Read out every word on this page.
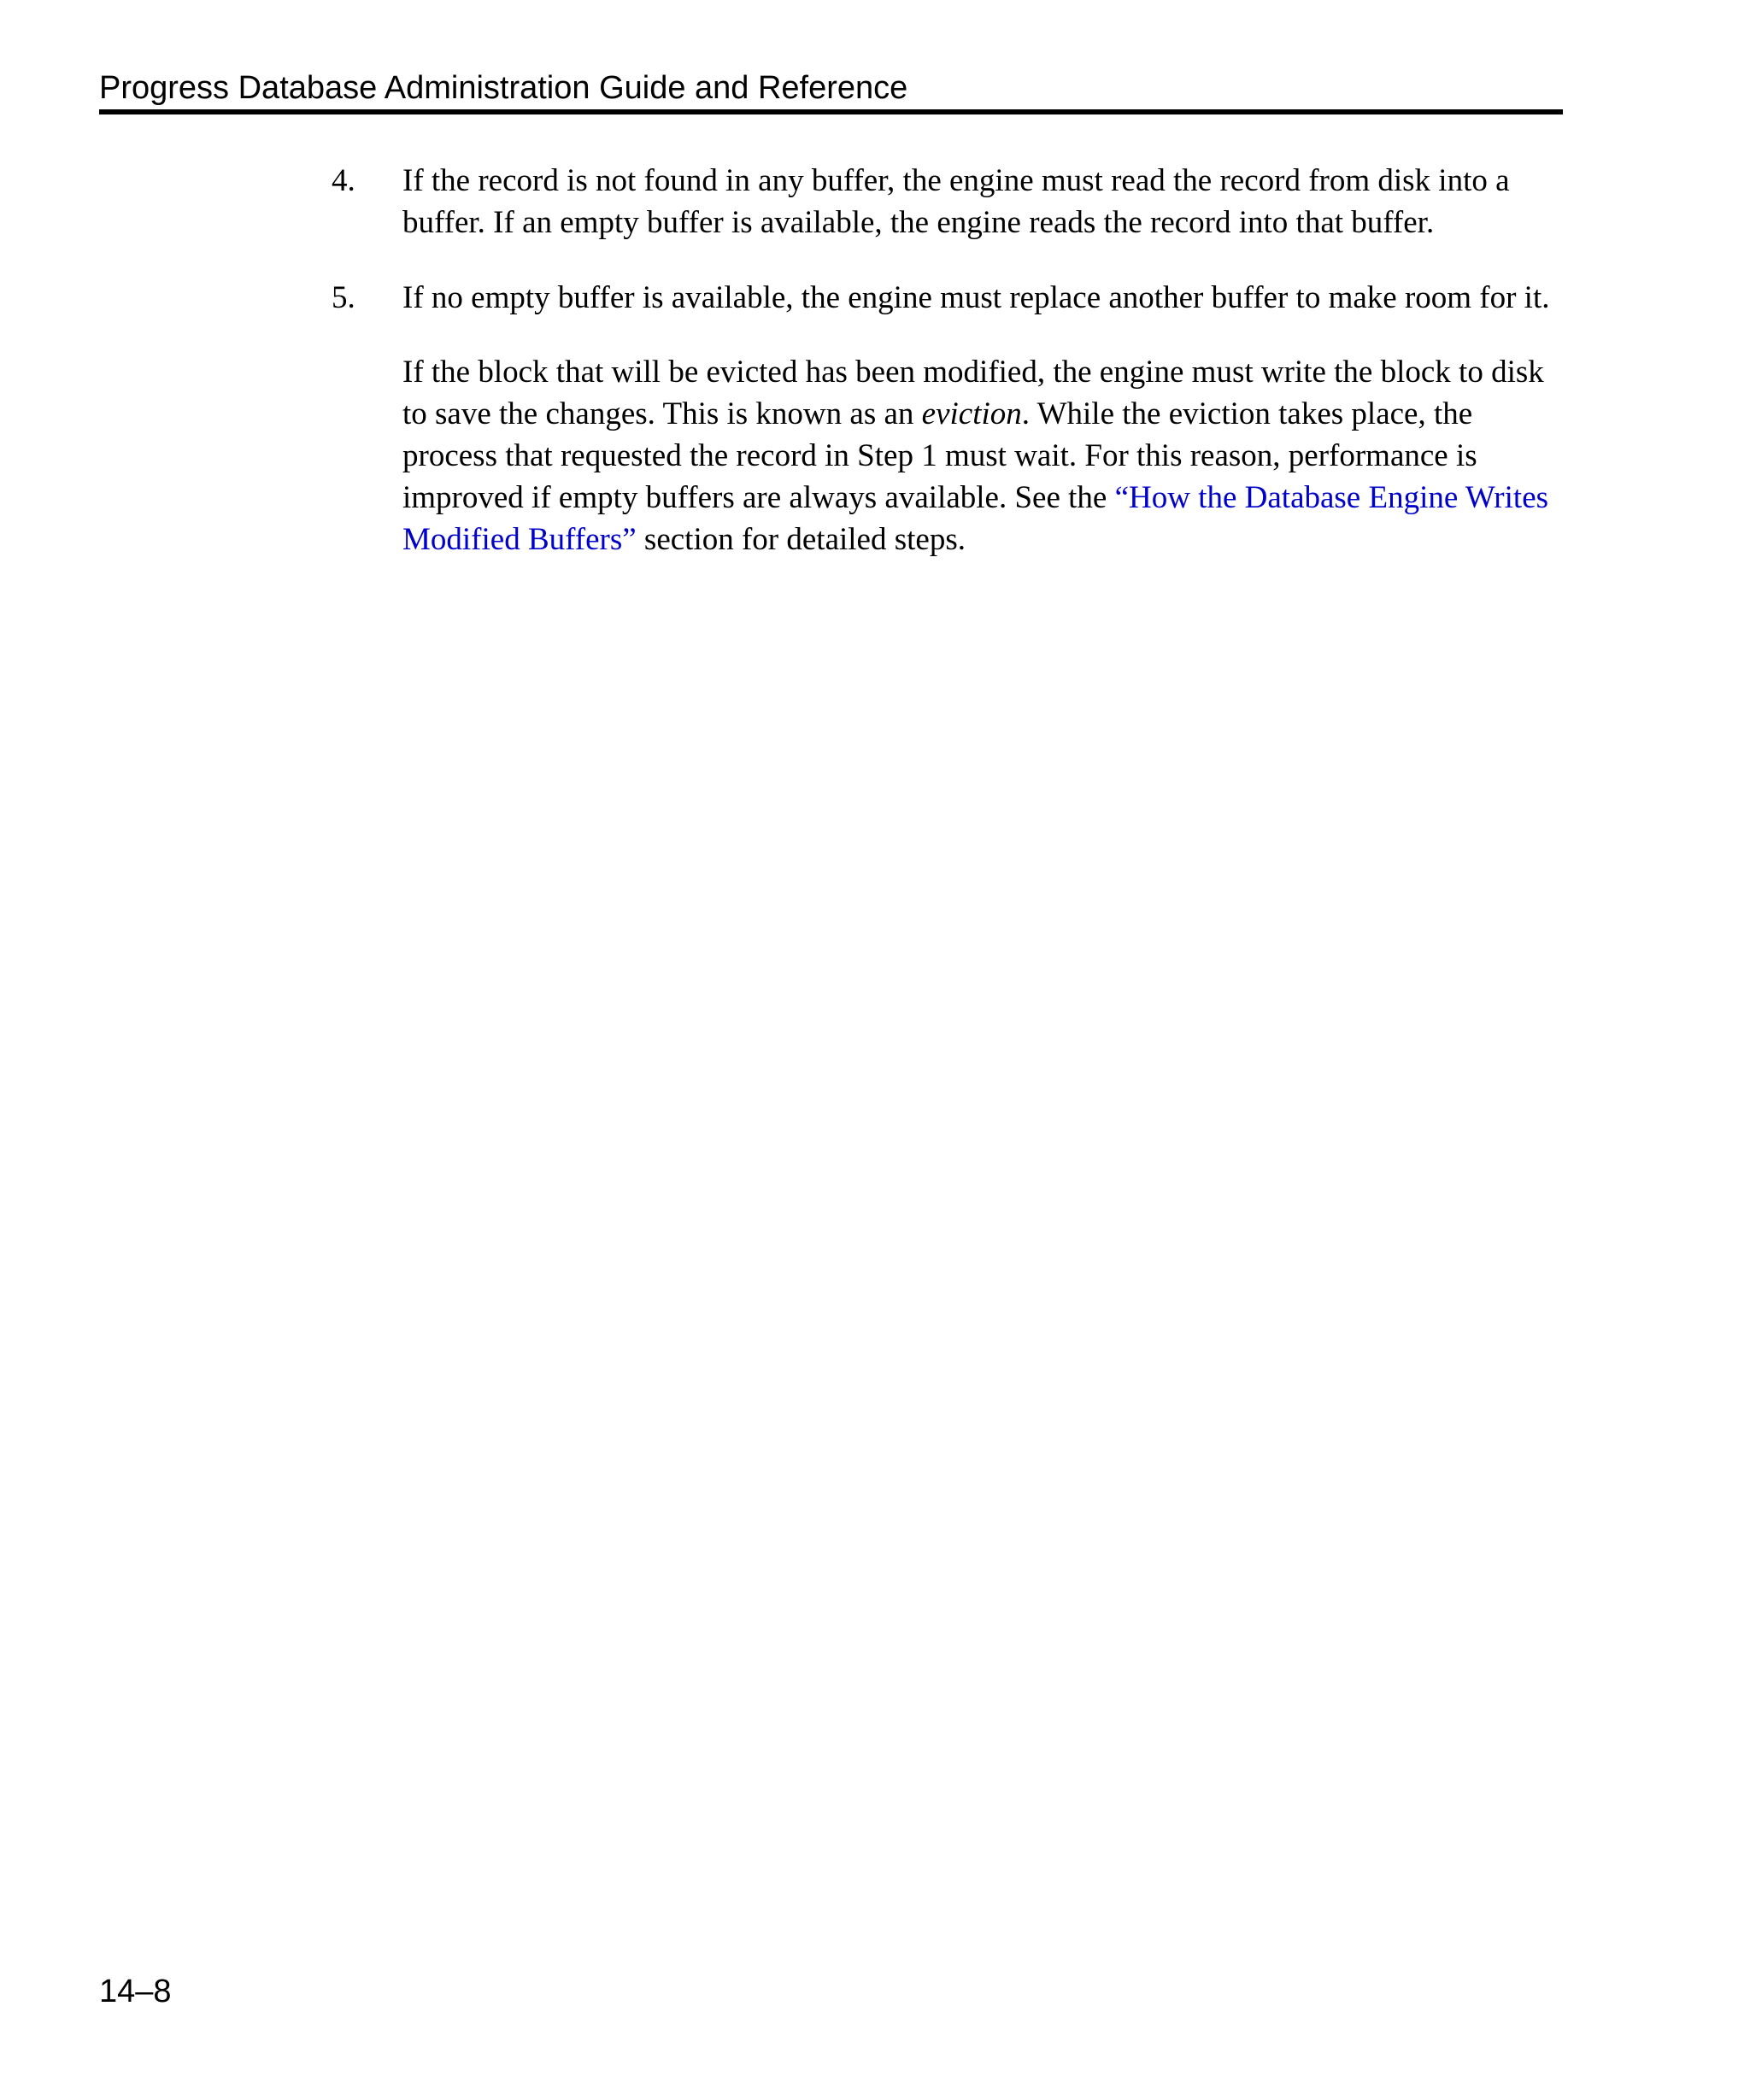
Progress Database Administration Guide and Reference
4. If the record is not found in any buffer, the engine must read the record from disk into a
buffer. If an empty buffer is available, the engine reads the record into that buffer.
5. If no empty buffer is available, the engine must replace another buffer to make room for it.
If the block that will be evicted has been modified, the engine must write the block to disk
to save the changes. This is known as an eviction. While the eviction takes place, the
process that requested the record in Step 1 must wait. For this reason, performance is
improved if empty buffers are always available. See the “How the Database Engine Writes
Modified Buffers” section for detailed steps.
14–8
